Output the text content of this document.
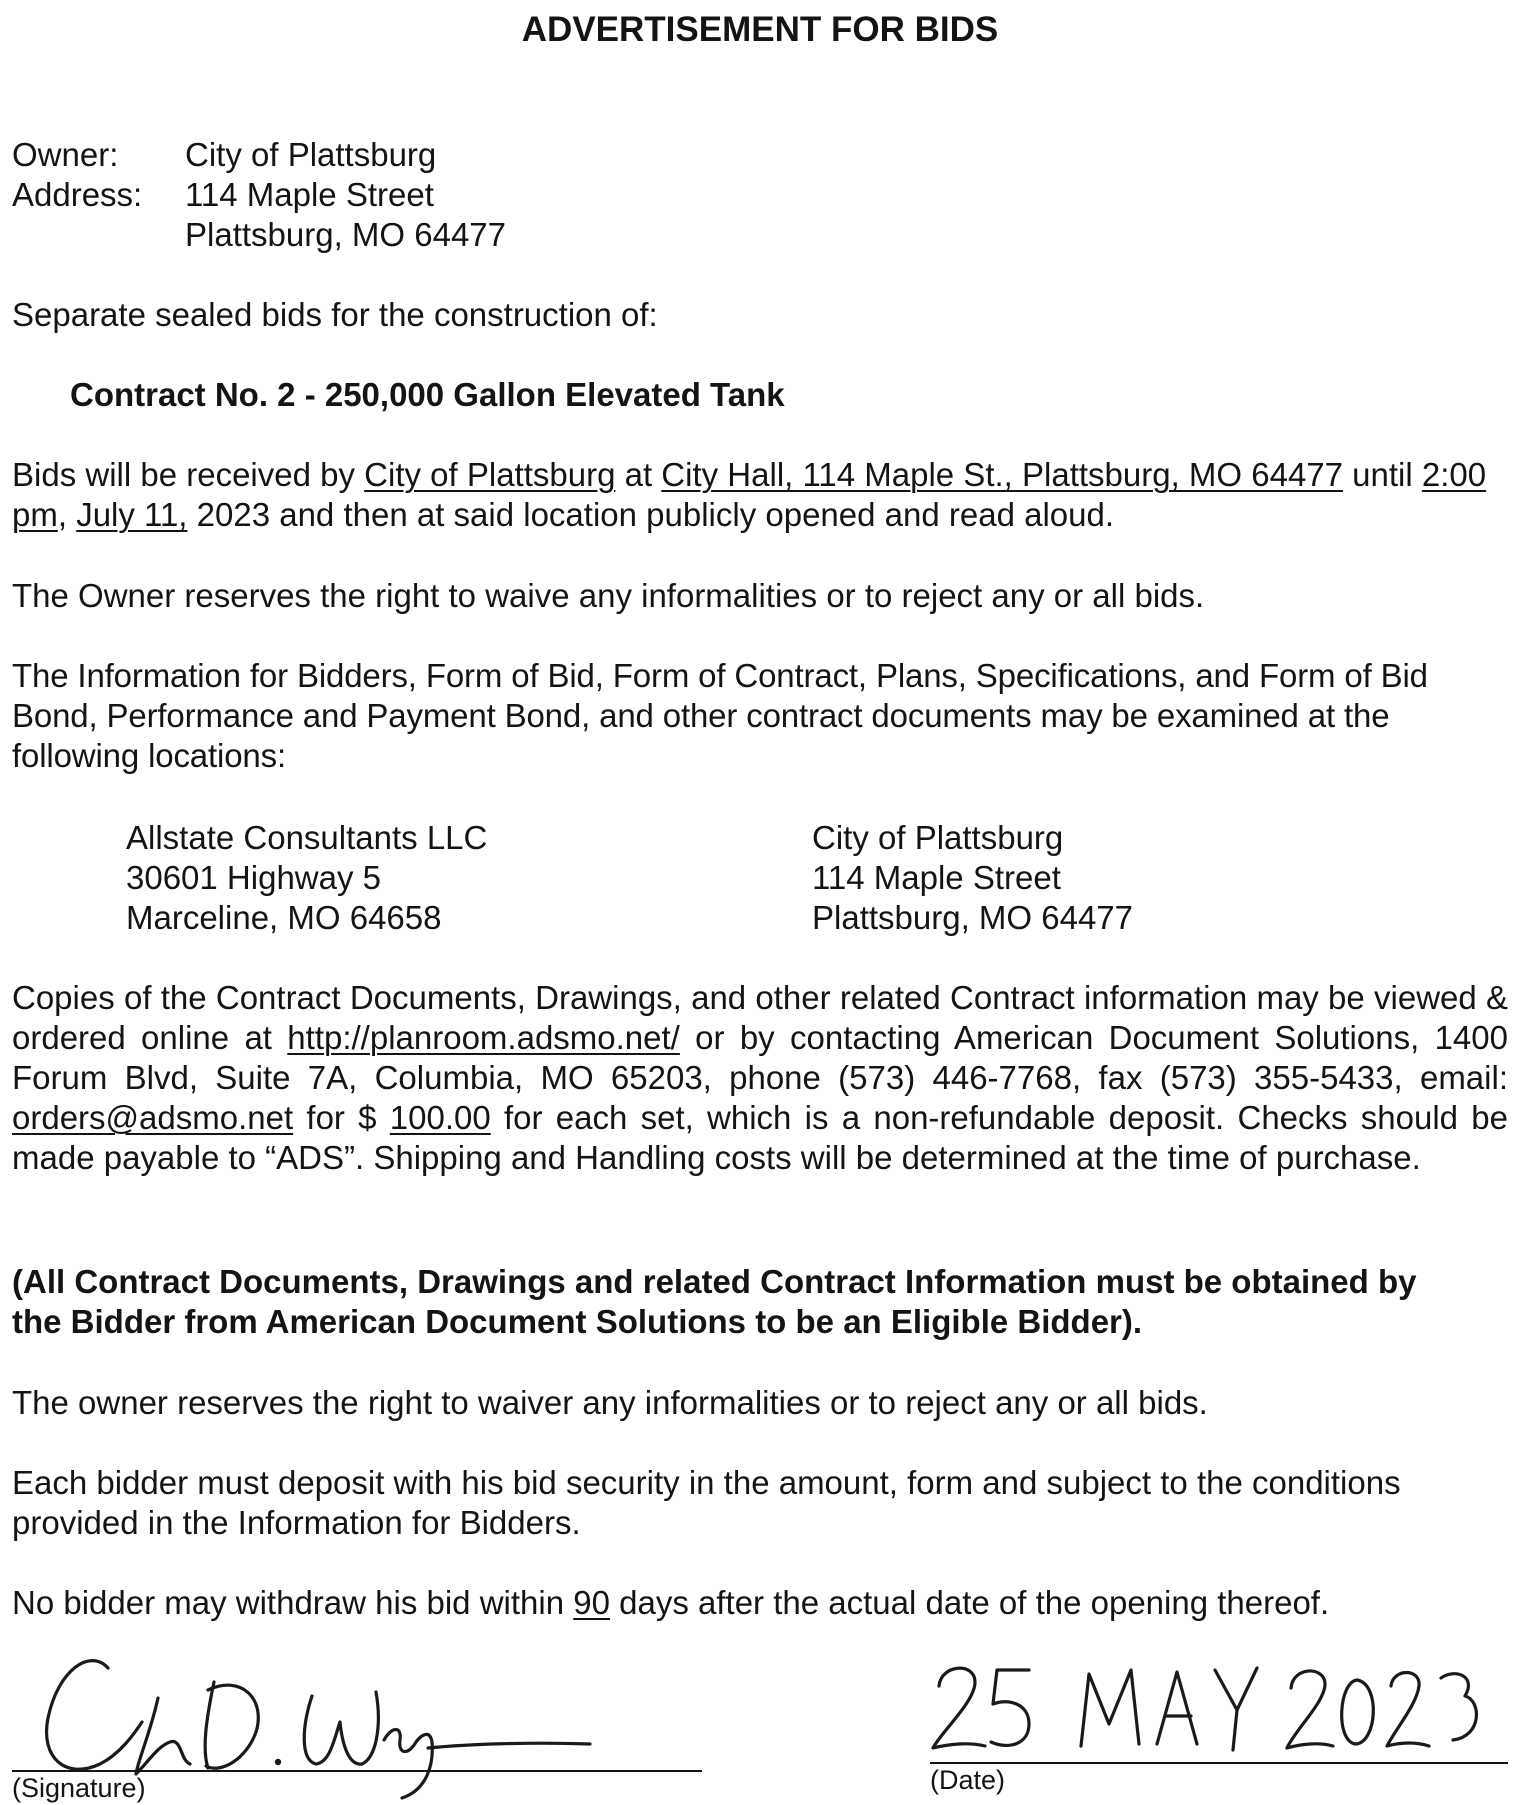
ADVERTISEMENT FOR BIDS
Owner:	City of Plattsburg
Address:	114 Maple Street
Plattsburg, MO 64477
Separate sealed bids for the construction of:
Contract No. 2 - 250,000 Gallon Elevated Tank
Bids will be received by City of Plattsburg at City Hall, 114 Maple St., Plattsburg, MO 64477 until 2:00 pm, July 11, 2023 and then at said location publicly opened and read aloud.
The Owner reserves the right to waive any informalities or to reject any or all bids.
The Information for Bidders, Form of Bid, Form of Contract, Plans, Specifications, and Form of Bid Bond, Performance and Payment Bond, and other contract documents may be examined at the following locations:
Allstate Consultants LLC
30601 Highway 5
Marceline, MO 64658
City of Plattsburg
114 Maple Street
Plattsburg, MO 64477

Copies of the Contract Documents, Drawings, and other related Contract information may be viewed & ordered online at http://planroom.adsmo.net/ or by contacting American Document Solutions, 1400 Forum Blvd, Suite 7A, Columbia, MO 65203, phone (573) 446-7768, fax (573) 355-5433, email: orders@adsmo.net for $ 100.00 for each set, which is a non-refundable deposit. Checks should be made payable to “ADS”. Shipping and Handling costs will be determined at the time of purchase.

(All Contract Documents, Drawings and related Contract Information must be obtained by the Bidder from American Document Solutions to be an Eligible Bidder).
The owner reserves the right to waiver any informalities or to reject any or all bids.
Each bidder must deposit with his bid security in the amount, form and subject to the conditions provided in the Information for Bidders.
No bidder may withdraw his bid within 90 days after the actual date of the opening thereof.
(Signature)	(Date)
